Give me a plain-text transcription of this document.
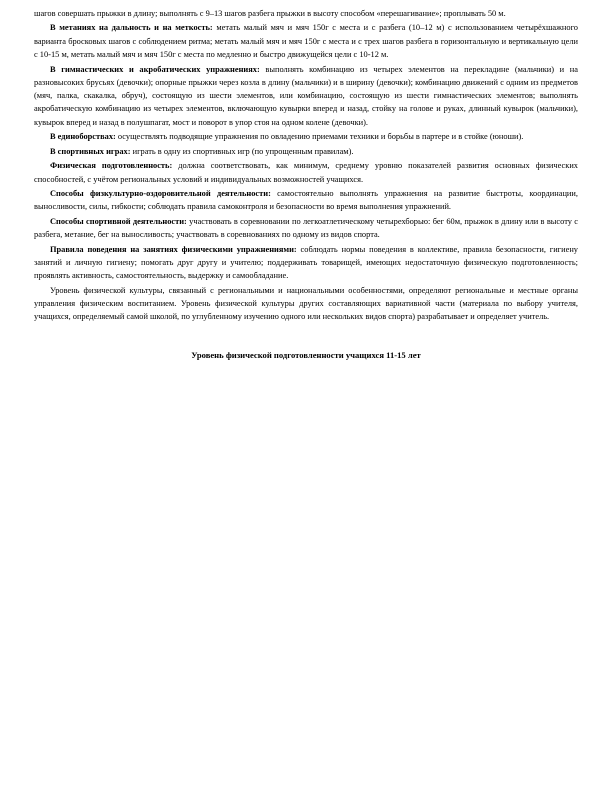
шагов совершать прыжки в длину; выполнять с 9–13 шагов разбега прыжки в высоту способом «перешагивание»; проплывать 50 м.

В метаниях на дальность и на меткость: метать малый мяч и мяч 150г с места и с разбега (10–12 м) с использованием четырёхшажного варианта бросковых шагов с соблюдением ритма; метать малый мяч и мяч 150г с места и с трех шагов разбега в горизонтальную и вертикальную цели с 10-15 м, метать малый мяч и мяч 150г с места по медленно и быстро движущейся цели с 10-12 м.

В гимнастических и акробатических упражнениях: выполнять комбинацию из четырех элементов на перекладине (мальчики) и на разновысоких брусьях (девочки); опорные прыжки через козла в длину (мальчики) и в ширину (девочки); комбинацию движений с одним из предметов (мяч, палка, скакалка, обруч), состоящую из шести элементов, или комбинацию, состоящую из шести гимнастических элементов; выполнять акробатическую комбинацию из четырех элементов, включающую кувырки вперед и назад, стойку на голове и руках, длинный кувырок (мальчики), кувырок вперед и назад в полушпагат, мост и поворот в упор стоя на одном колене (девочки).

В единоборствах: осуществлять подводящие упражнения по овладению приемами техники и борьбы в партере и в стойке (юноши).

В спортивных играх: играть в одну из спортивных игр (по упрощенным правилам).

Физическая подготовленность: должна соответствовать, как минимум, среднему уровню показателей развития основных физических способностей, с учётом региональных условий и индивидуальных возможностей учащихся.

Способы физкультурно-оздоровительной деятельности: самостоятельно выполнять упражнения на развитие быстроты, координации, выносливости, силы, гибкости; соблюдать правила самоконтроля и безопасности во время выполнения упражнений.

Способы спортивной деятельности: участвовать в соревновании по легкоатлетическому четырехборью: бег 60м, прыжок в длину или в высоту с разбега, метание, бег на выносливость; участвовать в соревнованиях по одному из видов спорта.

Правила поведения на занятиях физическими упражнениями: соблюдать нормы поведения в коллективе, правила безопасности, гигиену занятий и личную гигиену; помогать друг другу и учителю; поддерживать товарищей, имеющих недостаточную физическую подготовленность; проявлять активность, самостоятельность, выдержку и самообладание.

Уровень физической культуры, связанный с региональными и национальными особенностями, определяют региональные и местные органы управления физическим воспитанием. Уровень физической культуры других составляющих вариативной части (материала по выбору учителя, учащихся, определяемый самой школой, по углубленному изучению одного или нескольких видов спорта) разрабатывает и определяет учитель.

Уровень физической подготовленности учащихся 11-15 лет
